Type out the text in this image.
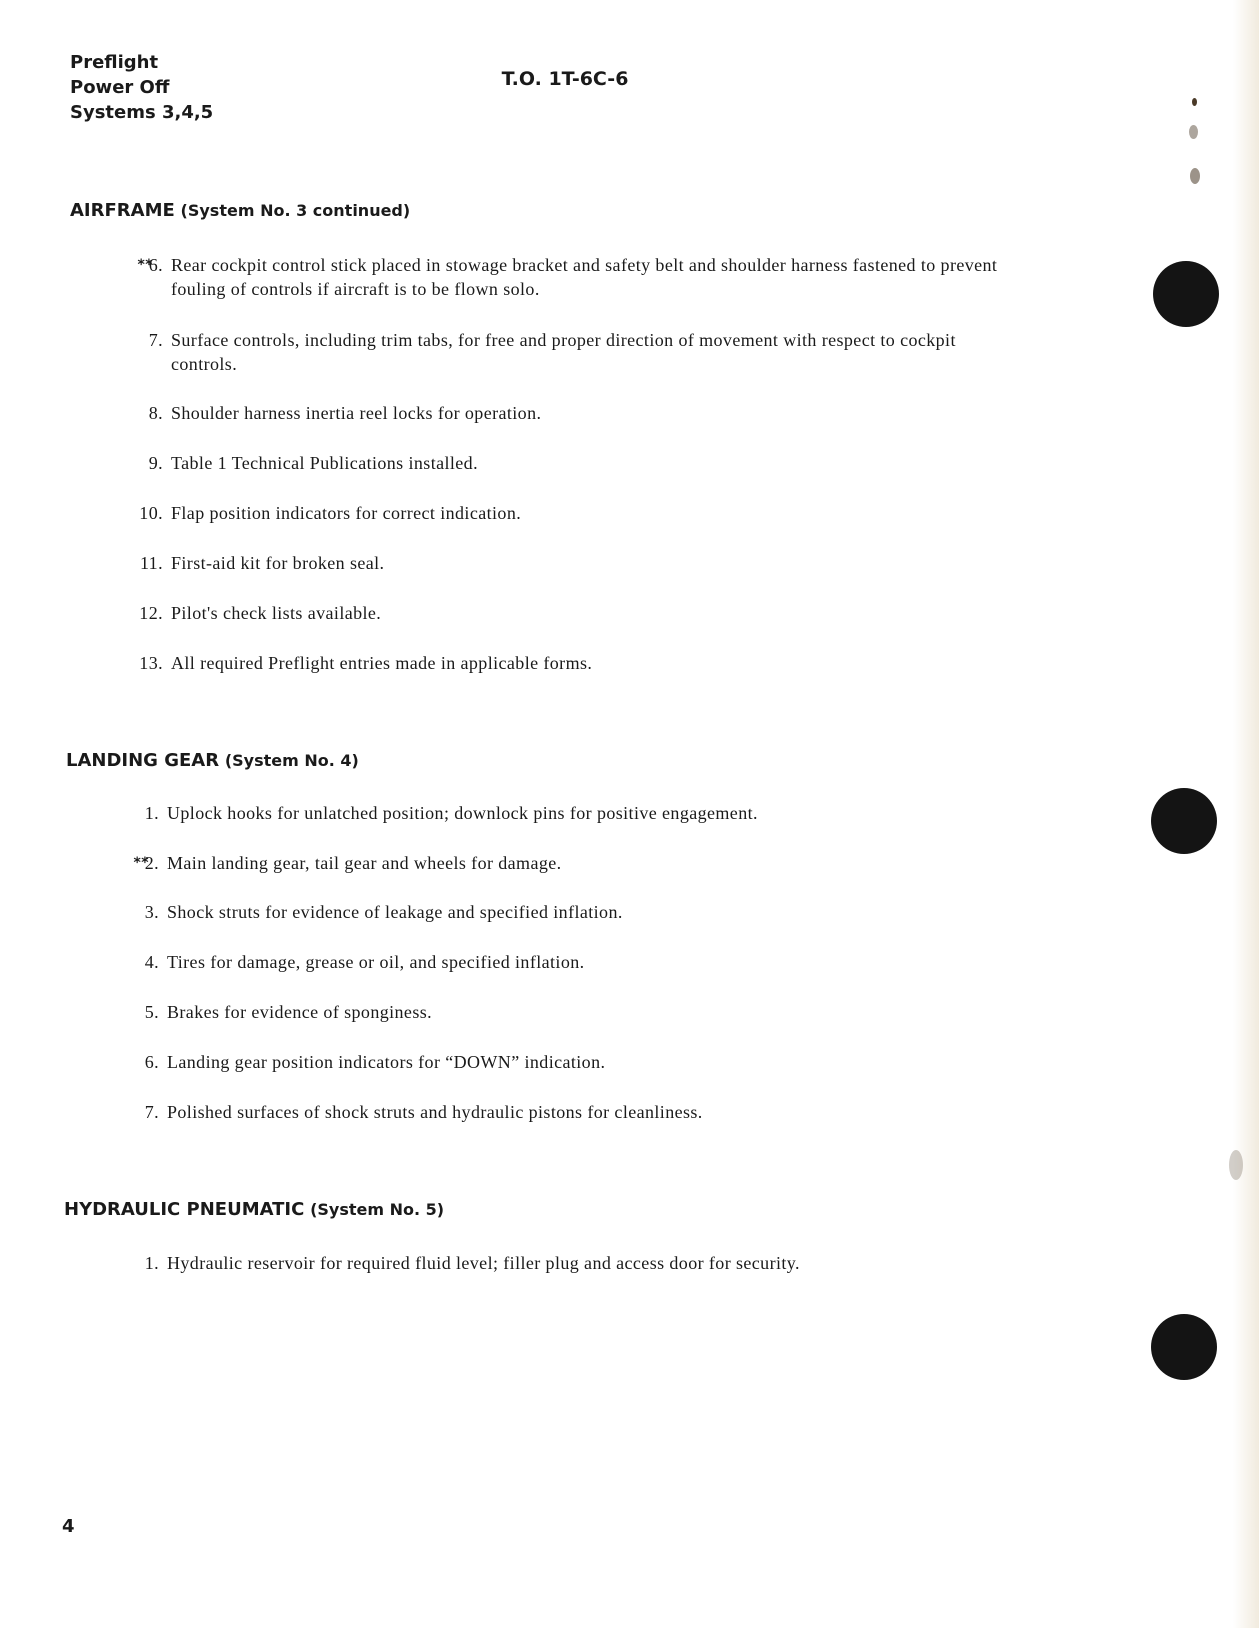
Preflight
Power Off
Systems 3,4,5
T.O. 1T-6C-6
AIRFRAME (System No. 3 continued)
**
6. Rear cockpit control stick placed in stowage bracket and safety belt and shoulder harness fastened to prevent fouling of controls if aircraft is to be flown solo.
7. Surface controls, including trim tabs, for free and proper direction of movement with respect to cockpit controls.
8. Shoulder harness inertia reel locks for operation.
9. Table 1 Technical Publications installed.
10. Flap position indicators for correct indication.
11. First-aid kit for broken seal.
12. Pilot's check lists available.
13. All required Preflight entries made in applicable forms.
LANDING GEAR (System No. 4)
1. Uplock hooks for unlatched position; downlock pins for positive engagement.
**
2. Main landing gear, tail gear and wheels for damage.
3. Shock struts for evidence of leakage and specified inflation.
4. Tires for damage, grease or oil, and specified inflation.
5. Brakes for evidence of sponginess.
6. Landing gear position indicators for “DOWN” indication.
7. Polished surfaces of shock struts and hydraulic pistons for cleanliness.
HYDRAULIC PNEUMATIC (System No. 5)
1. Hydraulic reservoir for required fluid level; filler plug and access door for security.
4
